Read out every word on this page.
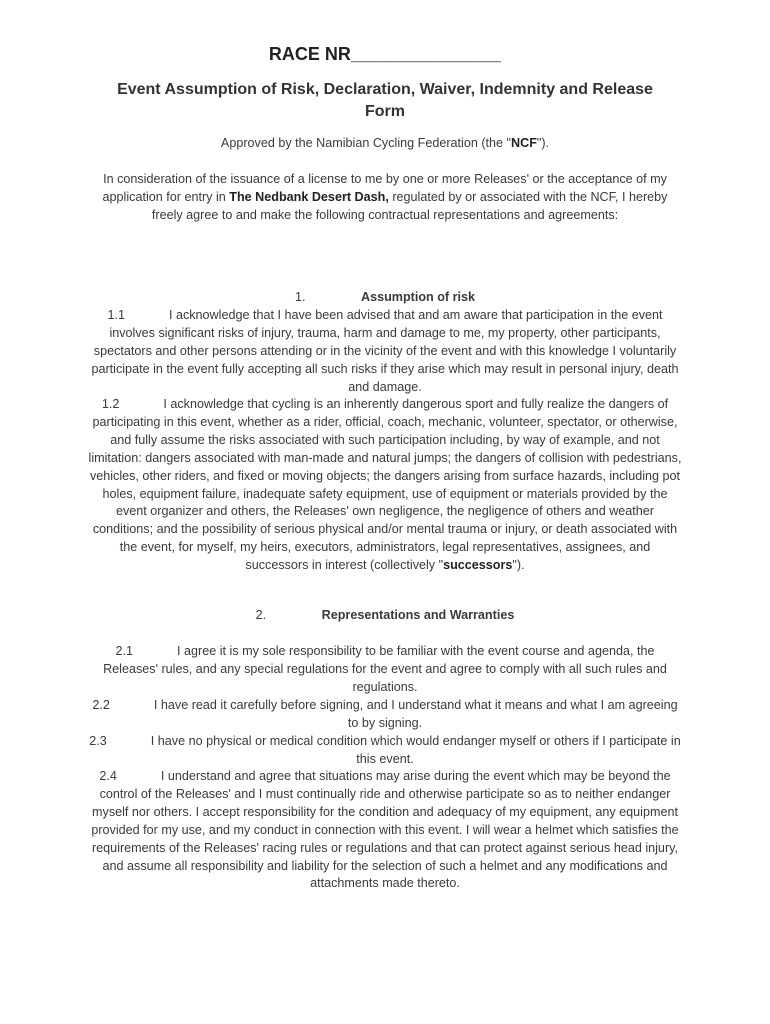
RACE NR_______________
Event Assumption of Risk, Declaration, Waiver, Indemnity and Release Form
Approved by the Namibian Cycling Federation (the "NCF").
In consideration of the issuance of a license to me by one or more Releases' or the acceptance of my application for entry in The Nedbank Desert Dash, regulated by or associated with the NCF, I hereby freely agree to and make the following contractual representations and agreements:
1.	Assumption of risk
1.1	I acknowledge that I have been advised that and am aware that participation in the event involves significant risks of injury, trauma, harm and damage to me, my property, other participants, spectators and other persons attending or in the vicinity of the event and with this knowledge I voluntarily participate in the event fully accepting all such risks if they arise which may result in personal injury, death and damage.
1.2	I acknowledge that cycling is an inherently dangerous sport and fully realize the dangers of participating in this event, whether as a rider, official, coach, mechanic, volunteer, spectator, or otherwise, and fully assume the risks associated with such participation including, by way of example, and not limitation: dangers associated with man-made and natural jumps; the dangers of collision with pedestrians, vehicles, other riders, and fixed or moving objects; the dangers arising from surface hazards, including pot holes, equipment failure, inadequate safety equipment, use of equipment or materials provided by the event organizer and others, the Releases' own negligence, the negligence of others and weather conditions; and the possibility of serious physical and/or mental trauma or injury, or death associated with the event, for myself, my heirs, executors, administrators, legal representatives, assignees, and successors in interest (collectively "successors").
2.	Representations and Warranties
2.1	I agree it is my sole responsibility to be familiar with the event course and agenda, the Releases' rules, and any special regulations for the event and agree to comply with all such rules and regulations.
2.2	I have read it carefully before signing, and I understand what it means and what I am agreeing to by signing.
2.3	I have no physical or medical condition which would endanger myself or others if I participate in this event.
2.4	I understand and agree that situations may arise during the event which may be beyond the control of the Releases' and I must continually ride and otherwise participate so as to neither endanger myself nor others. I accept responsibility for the condition and adequacy of my equipment, any equipment provided for my use, and my conduct in connection with this event. I will wear a helmet which satisfies the requirements of the Releases' racing rules or regulations and that can protect against serious head injury, and assume all responsibility and liability for the selection of such a helmet and any modifications and attachments made thereto.
